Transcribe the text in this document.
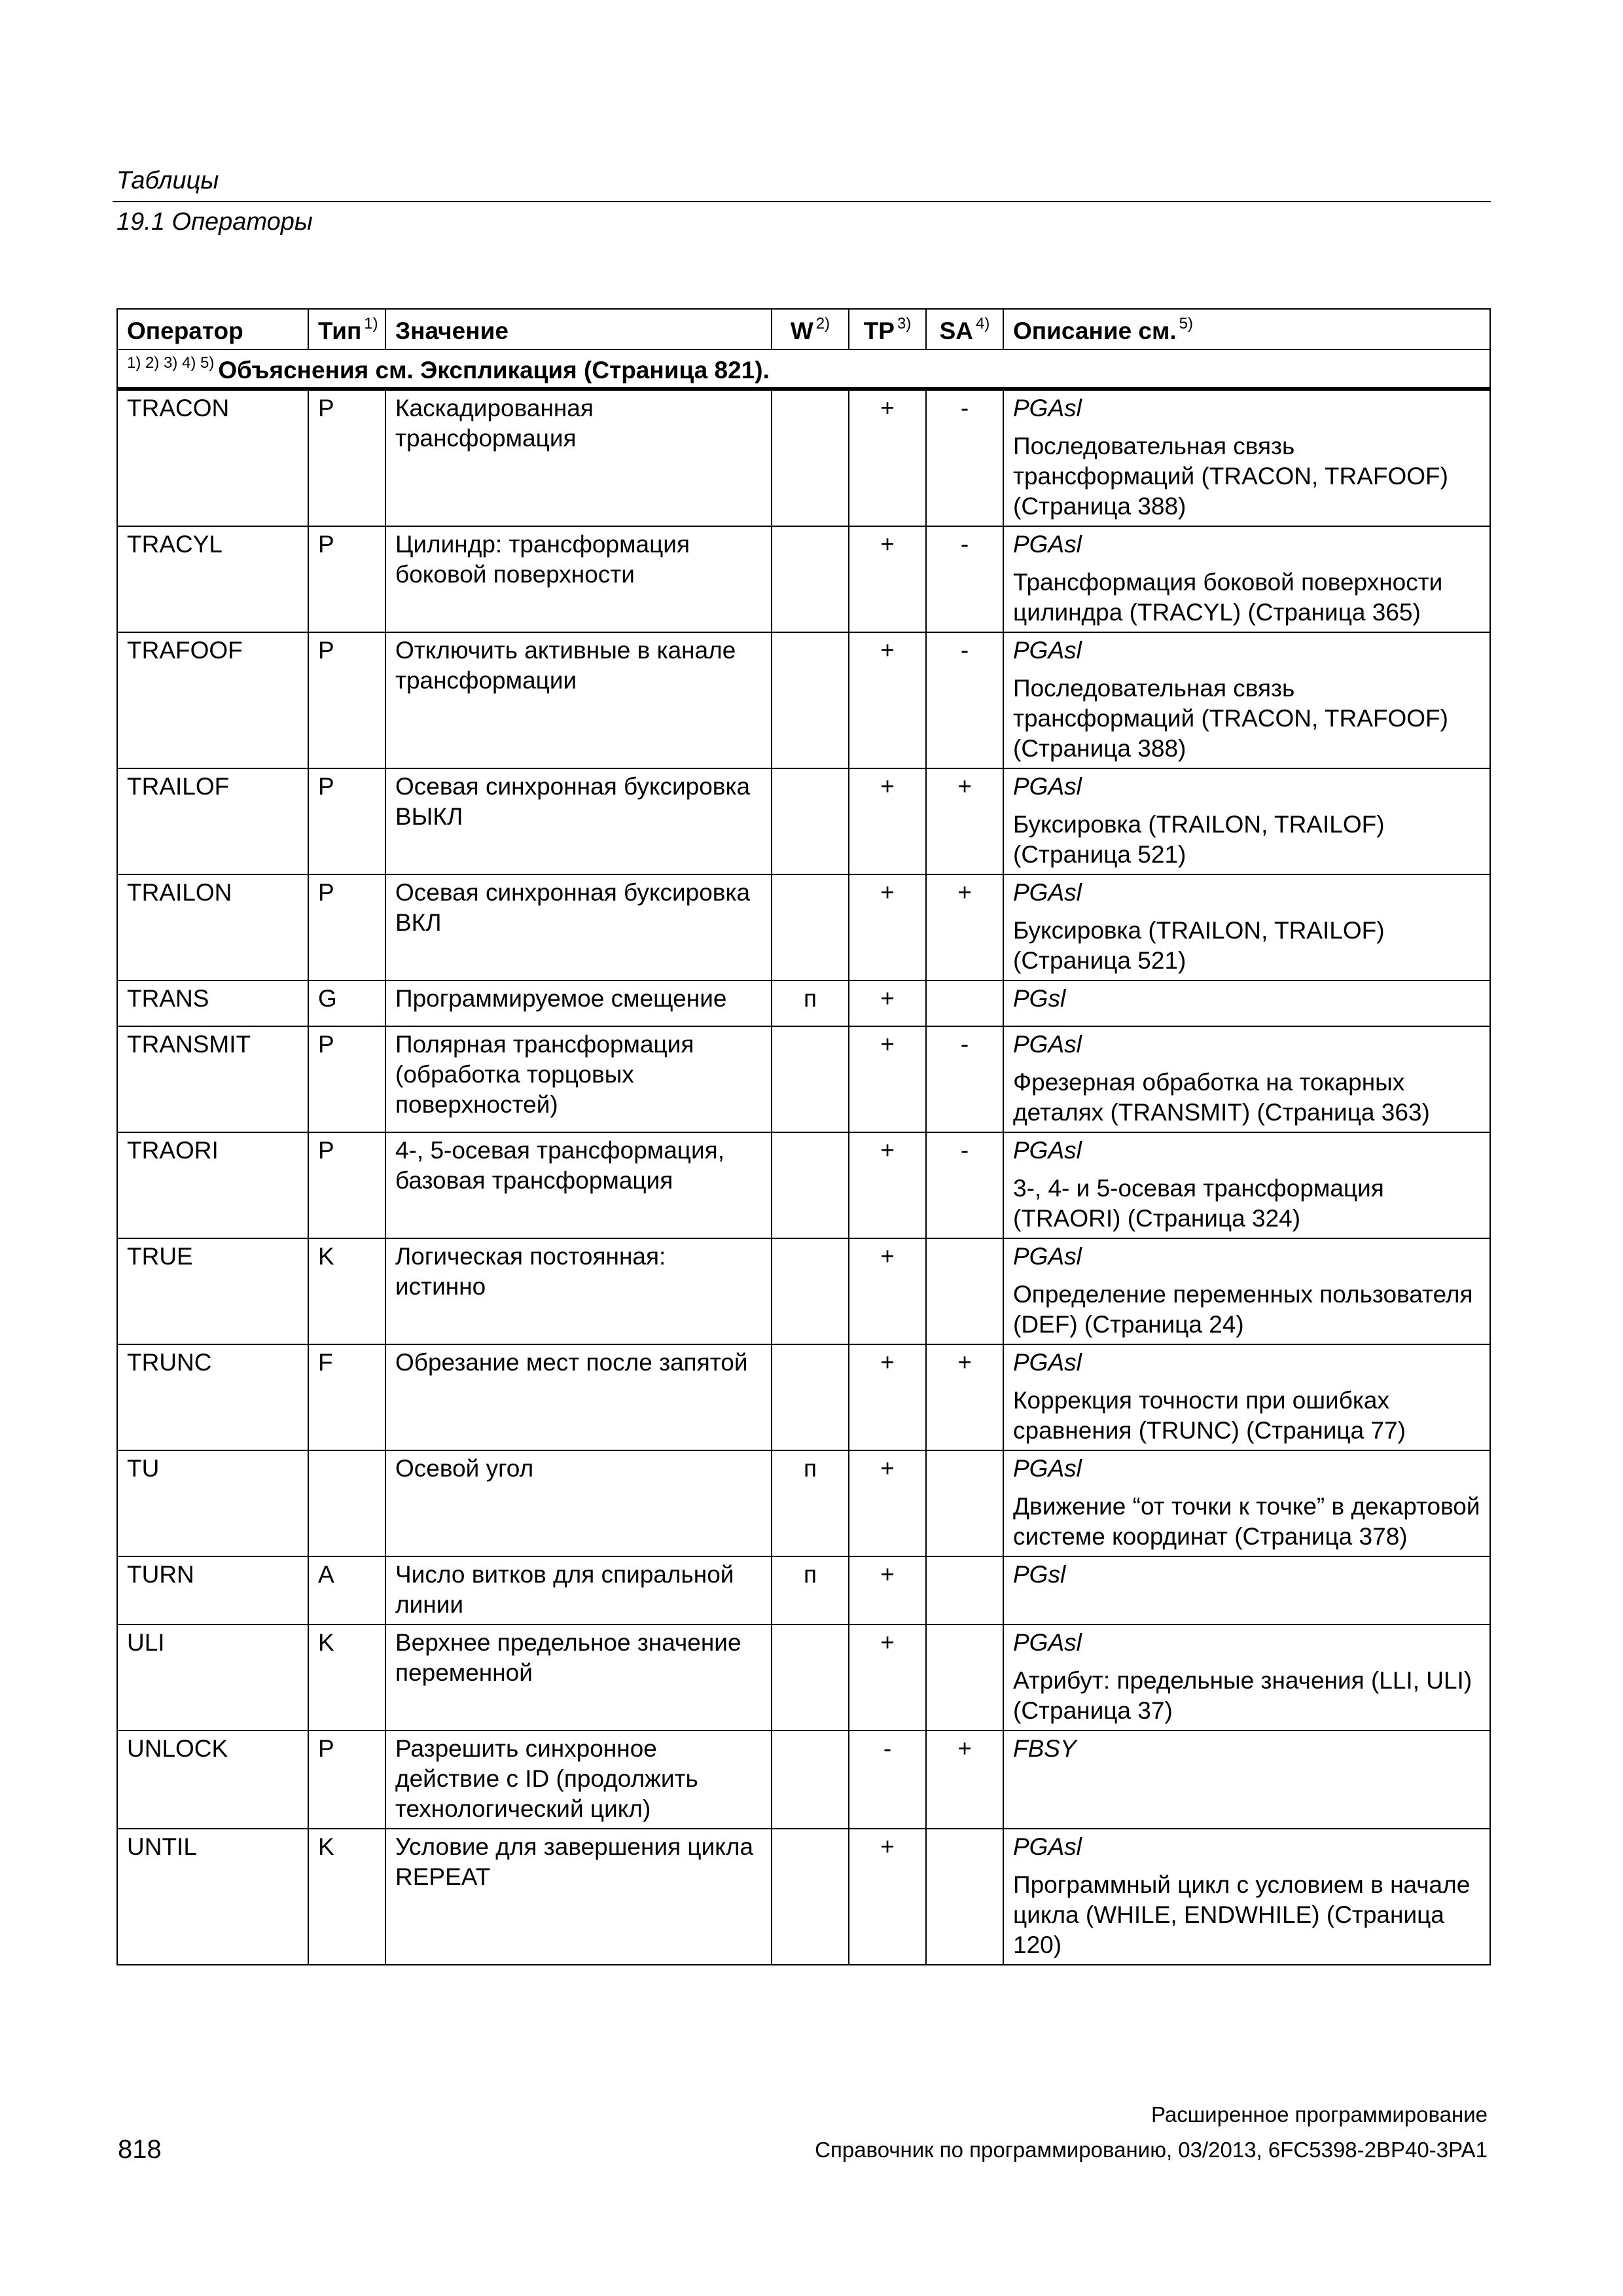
Таблицы
19.1 Операторы
Оператор	Тип $^{1)}$	Значение	W $^{2)}$	TP $^{3)}$	SA $^{4)}$	Описание см. $^{5)}$
$^{1) 2) 3) 4) 5)}$ Объяснения см. Экспликация (Страница 821).						
TRACON	P	Каскадированная трансформация		+	-	PGAsl
Последовательная связь трансформаций (TRACON, TRAFOOF) (Страница 388)

TRACYL	P	Цилиндр: трансформация боковой поверхности		+	-	PGAsl
Трансформация боковой поверхности цилиндра (TRACYL) (Страница 365)

TRAFOOF	P	Отключить активные в канале трансформации		+	-	PGAsl
Последовательная связь трансформаций (TRACON, TRAFOOF) (Страница 388)

TRAILOF	P	Осевая синхронная буксировка ВЫКЛ		+	+	PGAsl
Буксировка (TRAILON, TRAILOF) (Страница 521)

TRAILON	P	Осевая синхронная буксировка ВКЛ		+	+	PGAsl
Буксировка (TRAILON, TRAILOF) (Страница 521)

TRANS	G	Программируемое смещение	п	+		PGsl

TRANSMIT	P	Полярная трансформация (обработка торцовых поверхностей)		+	-	PGAsl
Фрезерная обработка на токарных деталях (TRANSMIT) (Страница 363)

TRAORI	P	4-, 5-осевая трансформация, базовая трансформация		+	-	PGAsl
3-, 4- и 5-осевая трансформация (TRAORI) (Страница 324)

TRUE	K	Логическая постоянная: истинно		+		PGAsl
Определение переменных пользователя (DEF) (Страница 24)

TRUNC	F	Обрезание мест после запятой		+	+	PGAsl
Коррекция точности при ошибках сравнения (TRUNC) (Страница 77)

TU		Осевой угол	п	+		PGAsl
Движение “от точки к точке” в декартовой системе координат (Страница 378)

TURN	A	Число витков для спиральной линии	п	+		PGsl

ULI	K	Верхнее предельное значение переменной		+		PGAsl
Атрибут: предельные значения (LLI, ULI) (Страница 37)

UNLOCK	P	Разрешить синхронное действие с ID (продолжить технологический цикл)		-	+	FBSY

UNTIL	K	Условие для завершения цикла REPEAT		+		PGAsl
Программный цикл с условием в начале цикла (WHILE, ENDWHILE) (Страница 120)
Расширенное программирование
818	Справочник по программированию, 03/2013, 6FC5398-2BP40-3PA1
